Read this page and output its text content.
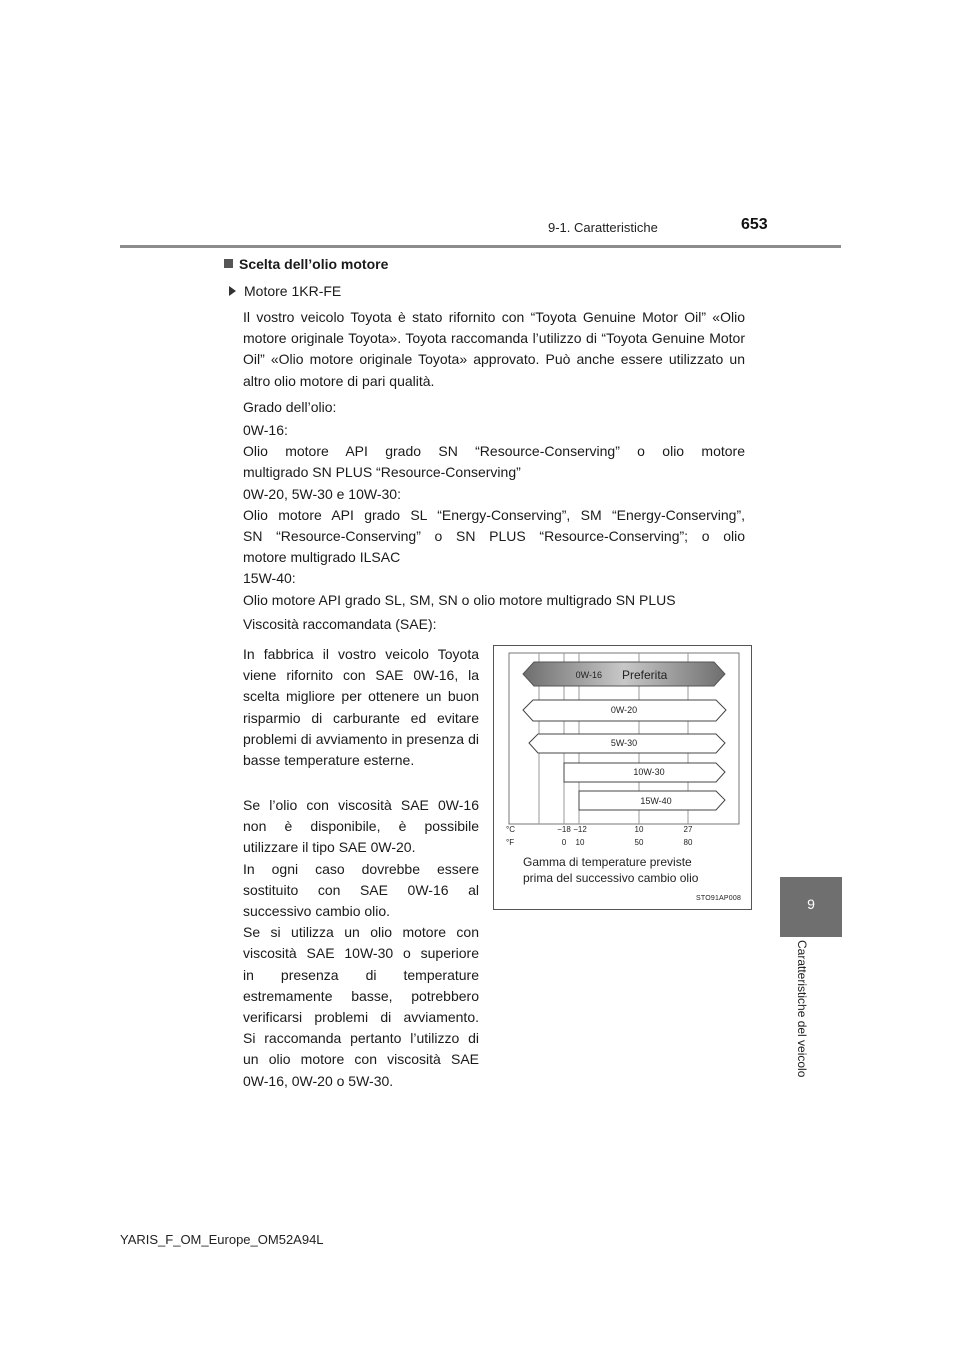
9-1. Caratteristiche	653
9
Caratteristiche del veicolo
Scelta dell’olio motore
Motore 1KR-FE
Il vostro veicolo Toyota è stato rifornito con “Toyota Genuine Motor Oil” «Olio motore originale Toyota». Toyota raccomanda l’utilizzo di “Toyota Genuine Motor Oil” «Olio motore originale Toyota» approvato. Può anche essere utilizzato un altro olio motore di pari qualità.
Grado dell’olio:
0W-16:
Olio motore API grado SN “Resource-Conserving” o olio motore
multigrado SN PLUS “Resource-Conserving”
0W-20, 5W-30 e 10W-30:
Olio motore API grado SL “Energy-Conserving”, SM “Energy-Conserving”,
SN “Resource-Conserving” o SN PLUS “Resource-Conserving”; o olio
motore multigrado ILSAC
15W-40:
Olio motore API grado SL, SM, SN o olio motore multigrado SN PLUS
Viscosità raccomandata (SAE):
In fabbrica il vostro veicolo Toyota viene rifornito con SAE 0W-16, la scelta migliore per ottenere un buon risparmio di carburante ed evitare problemi di avviamento in presenza di basse temperature esterne.
Se l’olio con viscosità SAE 0W-16
non è disponibile, è possibile
utilizzare il tipo SAE 0W-20.
In ogni caso dovrebbe essere
sostituito con SAE 0W-16 al
successivo cambio olio.
Se si utilizza un olio motore con
viscosità SAE 10W-30 o superiore
in presenza di temperature
estremamente basse, potrebbero
verificarsi problemi di avviamento.
Si raccomanda pertanto l’utilizzo di
un olio motore con viscosità SAE
0W-16, 0W-20 o 5W-30.
0W-16 Preferita
0W-20
5W-30
10W-30
15W-40
°C
°F
−18 −12	10	27
0 10	50	80
Gamma di temperature previste
prima del successivo cambio olio
STO91AP008
YARIS_F_OM_Europe_OM52A94L
